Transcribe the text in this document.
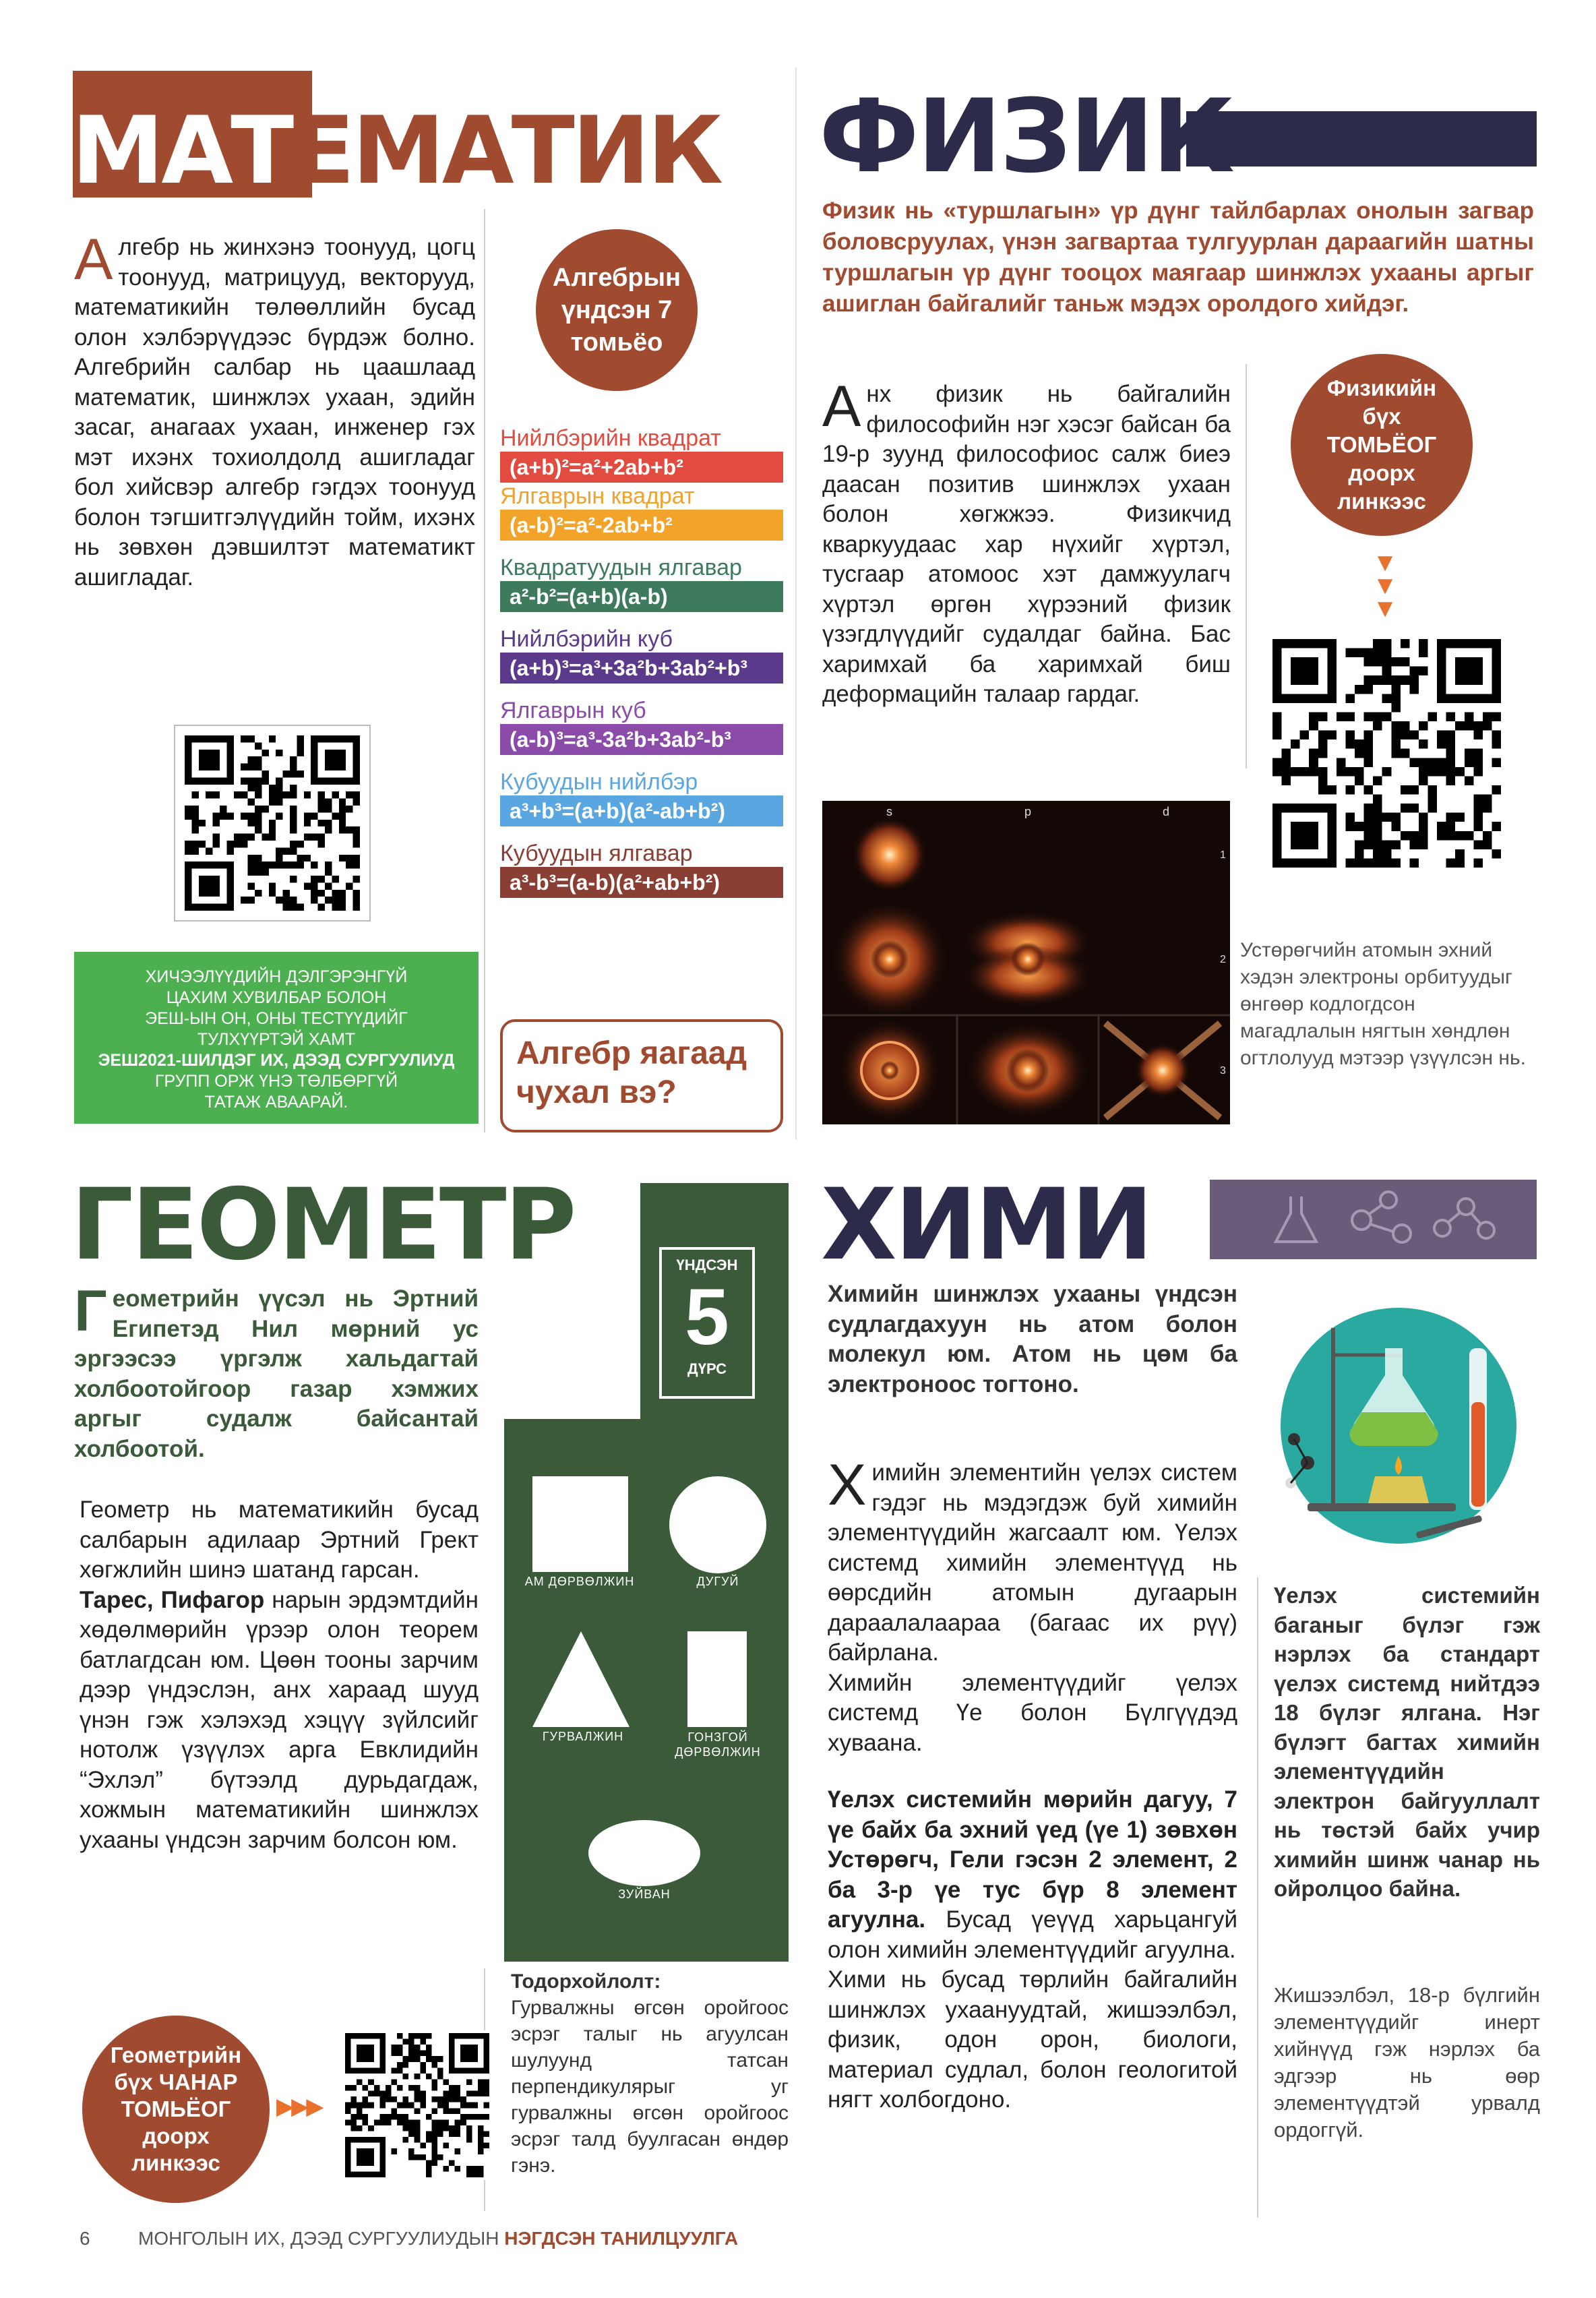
МАТЕМАТИК
Алгебр нь жинхэнэ тоонууд, цогц тоонууд, матрицууд, векторууд, математикийн төлөөллийн бусад олон хэлбэрүүдээс бүрдэж болно. Алгебрийн салбар нь цаашлаад математик, шинжлэх ухаан, эдийн засаг, анагаах ухаан, инженер гэх мэт ихэнх тохиолдолд ашигладаг бол хийсвэр алгебр гэгдэх тоонууд болон тэгшитгэлүүдийн тойм, ихэнх нь зөвхөн дэвшилтэт математикт ашигладаг.
Алгебрын үндсэн 7 томьёо
Нийлбэрийн квадрат
(a+b)²=a²+2ab+b²
Ялгаврын квадрат
(a-b)²=a²-2ab+b²
Квадратуудын ялгавар
a²-b²=(a+b)(a-b)
Нийлбэрийн куб
(a+b)³=a³+3a²b+3ab²+b³
Ялгаврын куб
(a-b)³=a³-3a²b+3ab²-b³
Кубуудын нийлбэр
a³+b³=(a+b)(a²-ab+b²)
Кубуудын ялгавар
a³-b³=(a-b)(a²+ab+b²)
Алгебр яагаад
чухал вэ?
ХИЧЭЭЛҮҮДИЙН ДЭЛГЭРЭНГҮЙ
ЦАХИМ ХУВИЛБАР БОЛОН
ЭЕШ-ЫН ОН, ОНЫ ТЕСТҮҮДИЙГ
ТУЛХҮҮРТЭЙ ХАМТ
ЭЕШ2021-ШИЛДЭГ ИХ, ДЭЭД СУРГУУЛИУД
ГРУПП ОРЖ ҮНЭ ТӨЛБӨРГҮЙ
ТАТАЖ АВААРАЙ.
ФИЗИК
Физик нь «туршлагын» үр дүнг тайлбарлах онолын загвар боловсруулах, үнэн загвартаа тулгуурлан дараагийн шатны туршлагын үр дүнг тооцох маягаар шинжлэх ухааны аргыг ашиглан байгалийг таньж мэдэх оролдого хийдэг.
Анх физик нь байгалийн философийн нэг хэсэг байсан ба 19-р зуунд философиос салж биеэ даасан позитив шинжлэх ухаан болон хөгжжээ. Физикчид кваркуудаас хар нүхийг хүртэл, тусгаар атомоос хэт дамжуулагч хүртэл өргөн хүрээний физик үзэгдлүүдийг судалдаг байна. Бас харимхай ба харимхай биш деформацийн талаар гардаг.
Физикийн бүх ТОМЬЁОГ доорх линкээс
▼
▼
▼
s	p	d
1
2
3
Устөрөгчийн атомын эхний хэдэн электроны орбитуудыг өнгөөр кодлогдсон магадлалын нягтын хөндлөн огтлолууд мэтээр үзүүлсэн нь.
ГЕОМЕТР	ҮНДСЭН
5
ДҮРС
АМ ДӨРВӨЛЖИН	ДУГУЙ
ГУРВАЛЖИН	ГОНЗГОЙ ДӨРВӨЛЖИН
ЗУЙВАН
Геометрийн үүсэл нь Эртний Египетэд Нил мөрний ус эргээсээ үргэлж хальдагтай холбоотойгоор газар хэмжих аргыг судалж байсантай холбоотой.
Геометр нь математикийн бусад салбарын адилаар Эртний Грект хөгжлийн шинэ шатанд гарсан.
Тарес, Пифагор нарын эрдэмтдийн хөдөлмөрийн үрээр олон теорем батлагдсан юм. Цөөн тооны зарчим дээр үндэслэн, анх хараад шууд үнэн гэж хэлэхэд хэцүү зүйлсийг нотолж үзүүлэх арга Евклидийн “Эхлэл” бүтээлд дурьдагдаж, хожмын математикийн шинжлэх ухааны үндсэн зарчим болсон юм.
Тодорхойлолт:
Гурвалжны өгсөн оройгоос эсрэг талыг нь агуулсан шулуунд татсан перпендикулярыг уг гурвалжны өгсөн оройгоос эсрэг талд буулгасан өндөр гэнэ.
Геометрийн бүх ЧАНАР ТОМЬЁОГ доорх линкээс
▶▶▶
ХИМИ
Химийн шинжлэх ухааны үндсэн судлагдахуун нь атом болон молекул юм. Атом нь цөм ба электроноос тогтоно.
Химийн элементийн үелэх систем гэдэг нь мэдэгдэж буй химийн элементүүдийн жагсаалт юм. Үелэх системд химийн элементүүд нь өөрсдийн атомын дугаарын дараалалаараа (багаас их рүү) байрлана.
Химийн элементүүдийг үелэх системд Үе болон Бүлгүүдэд хуваана.
Үелэх системийн мөрийн дагуу, 7 үе байх ба эхний үед (үе 1) зөвхөн Устөрөгч, Гели гэсэн 2 элемент, 2 ба 3-р үе тус бүр 8 элемент агуулна. Бусад үеүүд харьцангуй олон химийн элементүүдийг агуулна.
Хими нь бусад төрлийн байгалийн шинжлэх ухаануудтай, жишээлбэл, физик, одон орон, биологи, материал судлал, болон геологитой нягт холбогдоно.
Үелэх системийн баганыг бүлэг гэж нэрлэх ба стандарт үелэх системд нийтдээ 18 бүлэг ялгана. Нэг бүлэгт багтах химийн элементүүдийн электрон байгууллалт нь төстэй байх учир химийн шинж чанар нь ойролцоо байна.
Жишээлбэл, 18-р бүлгийн элементүүдийг инерт хийнүүд гэж нэрлэх ба эдгээр нь өөр элементүүдтэй урвалд ордоггүй.
6	МОНГОЛЫН ИХ, ДЭЭД СУРГУУЛИУДЫН НЭГДСЭН ТАНИЛЦУУЛГА
